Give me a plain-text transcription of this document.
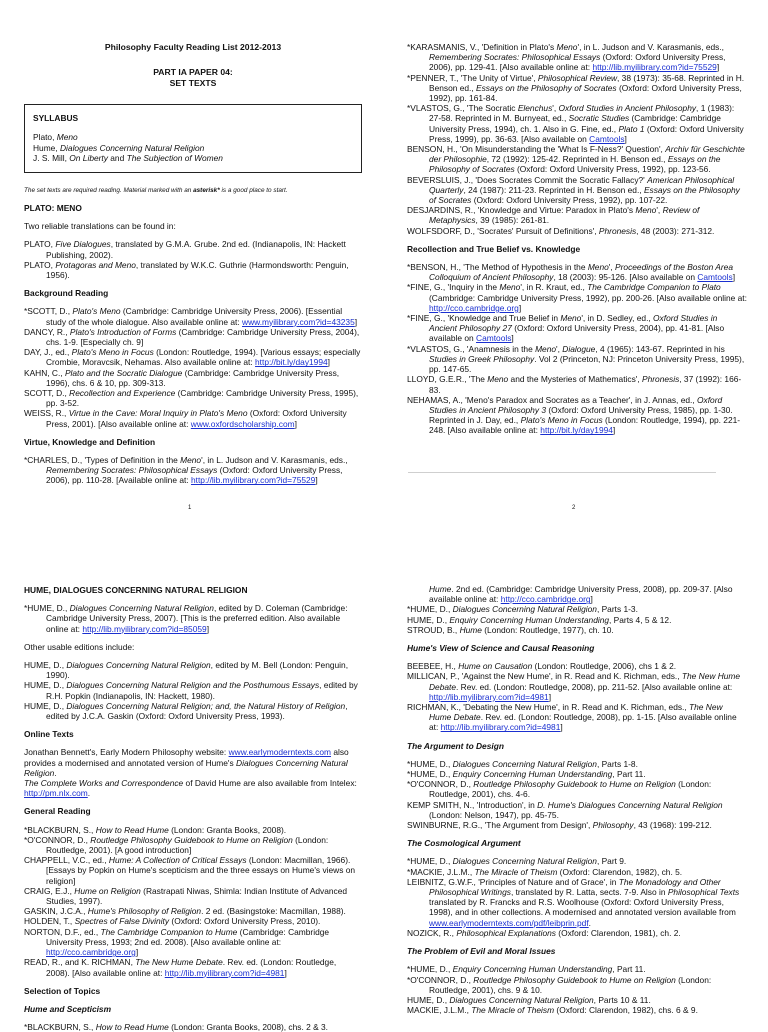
Philosophy Faculty Reading List 2012-2013
PART IA PAPER 04:
SET TEXTS
SYLLABUS
Plato, Meno
Hume, Dialogues Concerning Natural Religion
J. S. Mill, On Liberty and The Subjection of Women
The set texts are required reading. Material marked with an asterisk* is a good place to start.
PLATO: MENO
Two reliable translations can be found in:
PLATO, Five Dialogues, translated by G.M.A. Grube. 2nd ed. (Indianapolis, IN: Hackett Publishing, 2002).
PLATO, Protagoras and Meno, translated by W.K.C. Guthrie (Harmondsworth: Penguin, 1956).
Background Reading
*SCOTT, D., Plato's Meno (Cambridge: Cambridge University Press, 2006). [Essential study of the whole dialogue. Also available online at: www.myilibrary.com?id=43235]
DANCY, R., Plato's Introduction of Forms (Cambridge: Cambridge University Press, 2004), chs. 1-9. [Especially ch. 9]
DAY, J., ed., Plato's Meno in Focus (London: Routledge, 1994). [Various essays; especially Crombie, Moravcsik, Nehamas. Also available online at: http://bit.ly/day1994]
KAHN, C., Plato and the Socratic Dialogue (Cambridge: Cambridge University Press, 1996), chs. 6 & 10, pp. 309-313.
SCOTT, D., Recollection and Experience (Cambridge: Cambridge University Press, 1995), pp. 3-52.
WEISS, R., Virtue in the Cave: Moral Inquiry in Plato's Meno (Oxford: Oxford University Press, 2001). [Also available online at: www.oxfordscholarship.com]
Virtue, Knowledge and Definition
*CHARLES, D., 'Types of Definition in the Meno', in L. Judson and V. Karasmanis, eds., Remembering Socrates: Philosophical Essays (Oxford: Oxford University Press, 2006), pp. 110-28. [Available online at: http://lib.myilibrary.com?id=75529]
1
*KARASMANIS, V., 'Definition in Plato's Meno', in L. Judson and V. Karasmanis, eds., Remembering Socrates: Philosophical Essays (Oxford: Oxford University Press, 2006), pp. 129-41. [Also available online at: http://lib.myilibrary.com?id=75529]
*PENNER, T., 'The Unity of Virtue', Philosophical Review, 38 (1973): 35-68. Reprinted in H. Benson ed., Essays on the Philosophy of Socrates (Oxford: Oxford University Press, 1992), pp. 161-84.
*VLASTOS, G., 'The Socratic Elenchus', Oxford Studies in Ancient Philosophy, 1 (1983): 27-58. Reprinted in M. Burnyeat, ed., Socratic Studies (Cambridge: Cambridge University Press, 1994), ch. 1. Also in G. Fine, ed., Plato 1 (Oxford: Oxford University Press, 1999), pp. 36-63. [Also available on Camtools]
BENSON, H., 'On Misunderstanding the 'What Is F-Ness?' Question', Archiv für Geschichte der Philosophie, 72 (1992): 125-42. Reprinted in H. Benson ed., Essays on the Philosophy of Socrates (Oxford: Oxford University Press, 1992), pp. 123-56.
BEVERSLUIS, J., 'Does Socrates Commit the Socratic Fallacy?' American Philosophical Quarterly, 24 (1987): 211-23. Reprinted in H. Benson ed., Essays on the Philosophy of Socrates (Oxford: Oxford University Press, 1992), pp. 107-22.
DESJARDINS, R., 'Knowledge and Virtue: Paradox in Plato's Meno', Review of Metaphysics, 39 (1985): 261-81.
WOLFSDORF, D., 'Socrates' Pursuit of Definitions', Phronesis, 48 (2003): 271-312.
Recollection and True Belief vs. Knowledge
*BENSON, H., 'The Method of Hypothesis in the Meno', Proceedings of the Boston Area Colloquium of Ancient Philosophy, 18 (2003): 95-126. [Also available on Camtools]
*FINE, G., 'Inquiry in the Meno', in R. Kraut, ed., The Cambridge Companion to Plato (Cambridge: Cambridge University Press, 1992), pp. 200-26. [Also available online at: http://cco.cambridge.org]
*FINE, G., 'Knowledge and True Belief in Meno', in D. Sedley, ed., Oxford Studies in Ancient Philosophy 27 (Oxford: Oxford University Press, 2004), pp. 41-81. [Also available on Camtools]
*VLASTOS, G., 'Anamnesis in the Meno', Dialogue, 4 (1965): 143-67. Reprinted in his Studies in Greek Philosophy. Vol 2 (Princeton, NJ: Princeton University Press, 1995), pp. 147-65.
LLOYD, G.E.R., 'The Meno and the Mysteries of Mathematics', Phronesis, 37 (1992): 166-83.
NEHAMAS, A., 'Meno's Paradox and Socrates as a Teacher', in J. Annas, ed., Oxford Studies in Ancient Philosophy 3 (Oxford: Oxford University Press, 1985), pp. 1-30. Reprinted in J. Day, ed., Plato's Meno in Focus (London: Routledge, 1994), pp. 221-248. [Also available online at: http://bit.ly/day1994]
2
HUME, DIALOGUES CONCERNING NATURAL RELIGION
*HUME, D., Dialogues Concerning Natural Religion, edited by D. Coleman (Cambridge: Cambridge University Press, 2007). [This is the preferred edition. Also available online at: http://lib.myilibrary.com?id=85059]
Other usable editions include:
HUME, D., Dialogues Concerning Natural Religion, edited by M. Bell (London: Penguin, 1990).
HUME, D., Dialogues Concerning Natural Religion and the Posthumous Essays, edited by R.H. Popkin (Indianapolis, IN: Hackett, 1980).
HUME, D., Dialogues Concerning Natural Religion; and, the Natural History of Religion, edited by J.C.A. Gaskin (Oxford: Oxford University Press, 1993).
Online Texts
Jonathan Bennett's, Early Modern Philosophy website: www.earlymoderntexts.com also provides a modernised and annotated version of Hume's Dialogues Concerning Natural Religion.
The Complete Works and Correspondence of David Hume are also available from Intelex: http://pm.nlx.com.
General Reading
*BLACKBURN, S., How to Read Hume (London: Granta Books, 2008).
*O'CONNOR, D., Routledge Philosophy Guidebook to Hume on Religion (London: Routledge, 2001). [A good introduction]
CHAPPELL, V.C., ed., Hume: A Collection of Critical Essays (London: Macmillan, 1966). [Essays by Popkin on Hume's scepticism and the three essays on Hume's views on religion]
CRAIG, E.J., Hume on Religion (Rastrapati Niwas, Shimla: Indian Institute of Advanced Studies, 1997).
GASKIN, J.C.A., Hume's Philosophy of Religion. 2 ed. (Basingstoke: Macmillan, 1988).
HOLDEN, T., Spectres of False Divinity (Oxford: Oxford University Press, 2010).
NORTON, D.F., ed., The Cambridge Companion to Hume (Cambridge: Cambridge University Press, 1993; 2nd ed. 2008). [Also available online at: http://cco.cambridge.org]
READ, R., and K. RICHMAN, The New Hume Debate. Rev. ed. (London: Routledge, 2008). [Also available online at: http://lib.myilibrary.com?id=4981]
Selection of Topics
Hume and Scepticism
*BLACKBURN, S., How to Read Hume (London: Granta Books, 2008), chs. 2 & 3.
Hume. 2nd ed. (Cambridge: Cambridge University Press, 2008), pp. 209-37. [Also available online at: http://cco.cambridge.org]
*HUME, D., Dialogues Concerning Natural Religion, Parts 1-3.
HUME, D., Enquiry Concerning Human Understanding, Parts 4, 5 & 12.
STROUD, B., Hume (London: Routledge, 1977), ch. 10.
Hume's View of Science and Causal Reasoning
BEEBEE, H., Hume on Causation (London: Routledge, 2006), chs 1 & 2.
MILLICAN, P., 'Against the New Hume', in R. Read and K. Richman, eds., The New Hume Debate. Rev. ed. (London: Routledge, 2008), pp. 211-52. [Also available online at: http://lib.myilibrary.com?id=4981]
RICHMAN, K., 'Debating the New Hume', in R. Read and K. Richman, eds., The New Hume Debate. Rev. ed. (London: Routledge, 2008), pp. 1-15. [Also available online at: http://lib.myilibrary.com?id=4981]
The Argument to Design
*HUME, D., Dialogues Concerning Natural Religion, Parts 1-8.
*HUME, D., Enquiry Concerning Human Understanding, Part 11.
*O'CONNOR, D., Routledge Philosophy Guidebook to Hume on Religion (London: Routledge, 2001), chs. 4-6.
KEMP SMITH, N., 'Introduction', in D. Hume's Dialogues Concerning Natural Religion (London: Nelson, 1947), pp. 45-75.
SWINBURNE, R.G., 'The Argument from Design', Philosophy, 43 (1968): 199-212.
The Cosmological Argument
*HUME, D., Dialogues Concerning Natural Religion, Part 9.
*MACKIE, J.L.M., The Miracle of Theism (Oxford: Clarendon, 1982), ch. 5.
LEIBNITZ, G.W.F., 'Principles of Nature and of Grace', in The Monadology and Other Philosophical Writings, translated by R. Latta, sects. 7-9. Also in Philosophical Texts translated by R. Francks and R.S. Woolhouse (Oxford: Oxford University Press, 1998), and in other collections. A modernised and annotated version available from www.earlymoderntexts.com/pdf/leibprin.pdf.
NOZICK, R., Philosophical Explanations (Oxford: Clarendon, 1981), ch. 2.
The Problem of Evil and Moral Issues
*HUME, D., Enquiry Concerning Human Understanding, Part 11.
*O'CONNOR, D., Routledge Philosophy Guidebook to Hume on Religion (London: Routledge, 2001), chs. 9 & 10.
HUME, D., Dialogues Concerning Natural Religion, Parts 10 & 11.
MACKIE, J.L.M., The Miracle of Theism (Oxford: Clarendon, 1982), chs. 6 & 9.
